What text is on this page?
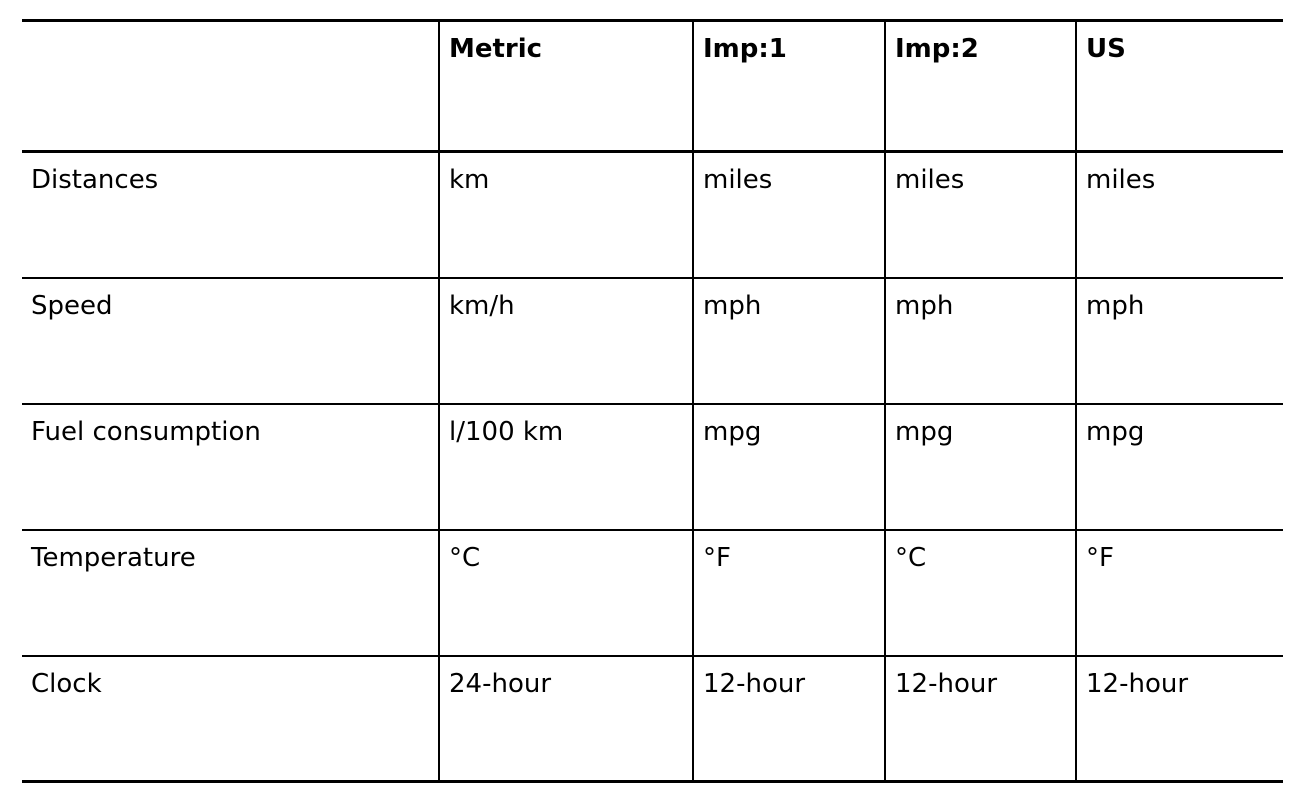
	Metric	Imp:1	Imp:2	US
Distances	km	miles	miles	miles
Speed	km/h	mph	mph	mph
Fuel consumption	l/100 km	mpg	mpg	mpg
Temperature	°C	°F	°C	°F
Clock	24-hour	12-hour	12-hour	12-hour
